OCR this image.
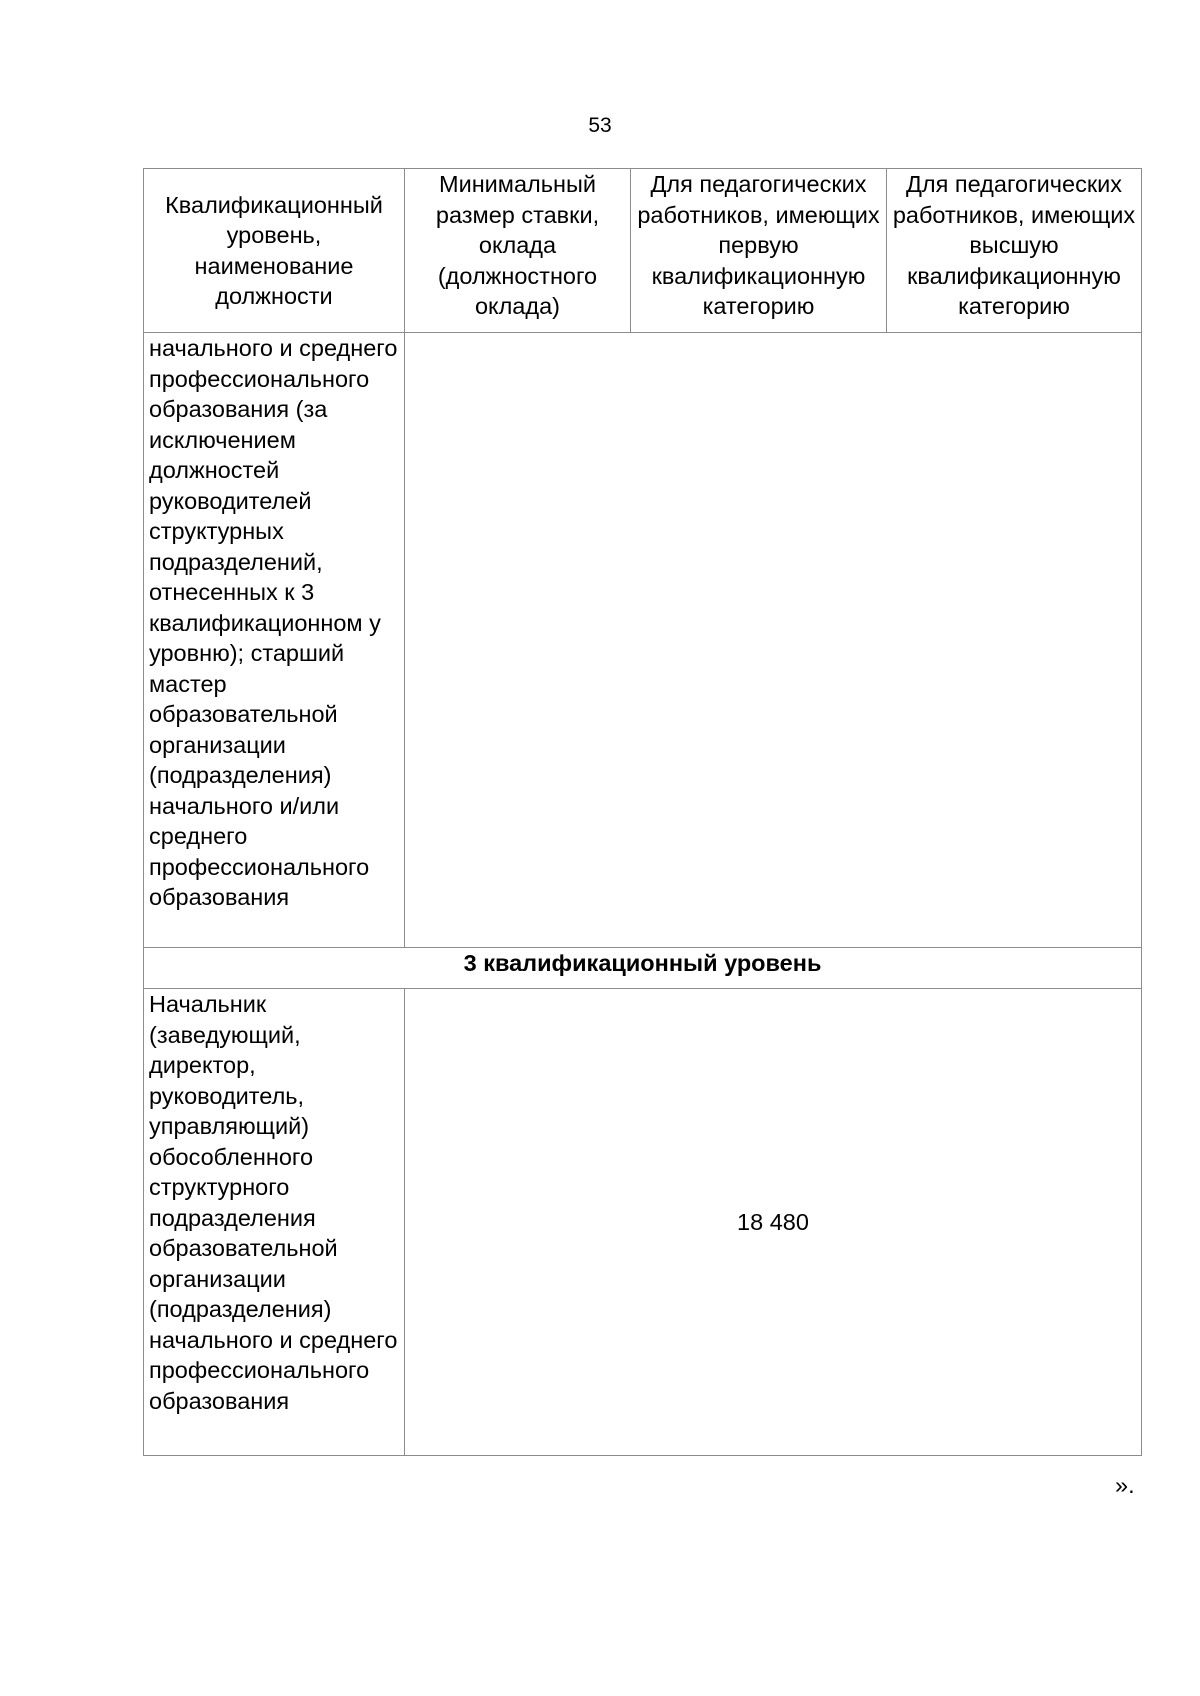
53
Квалификационный уровень, наименование должности	Минимальный размер ставки, оклада (должностного оклада)	Для педагогических работников, имеющих первую квалификационную категорию	Для педагогических работников, имеющих высшую квалификационную категорию
начального и среднего профессионального образования (за исключением должностей руководителей структурных подразделений, отнесенных к 3 квалификационном у уровню); старший мастер образовательной организации (подразделения) начального и/или среднего профессионального образования			
3 квалификационный уровень			
Начальник (заведующий, директор, руководитель, управляющий) обособленного структурного подразделения образовательной организации (подразделения) начального и среднего профессионального образования	18 480		
».
